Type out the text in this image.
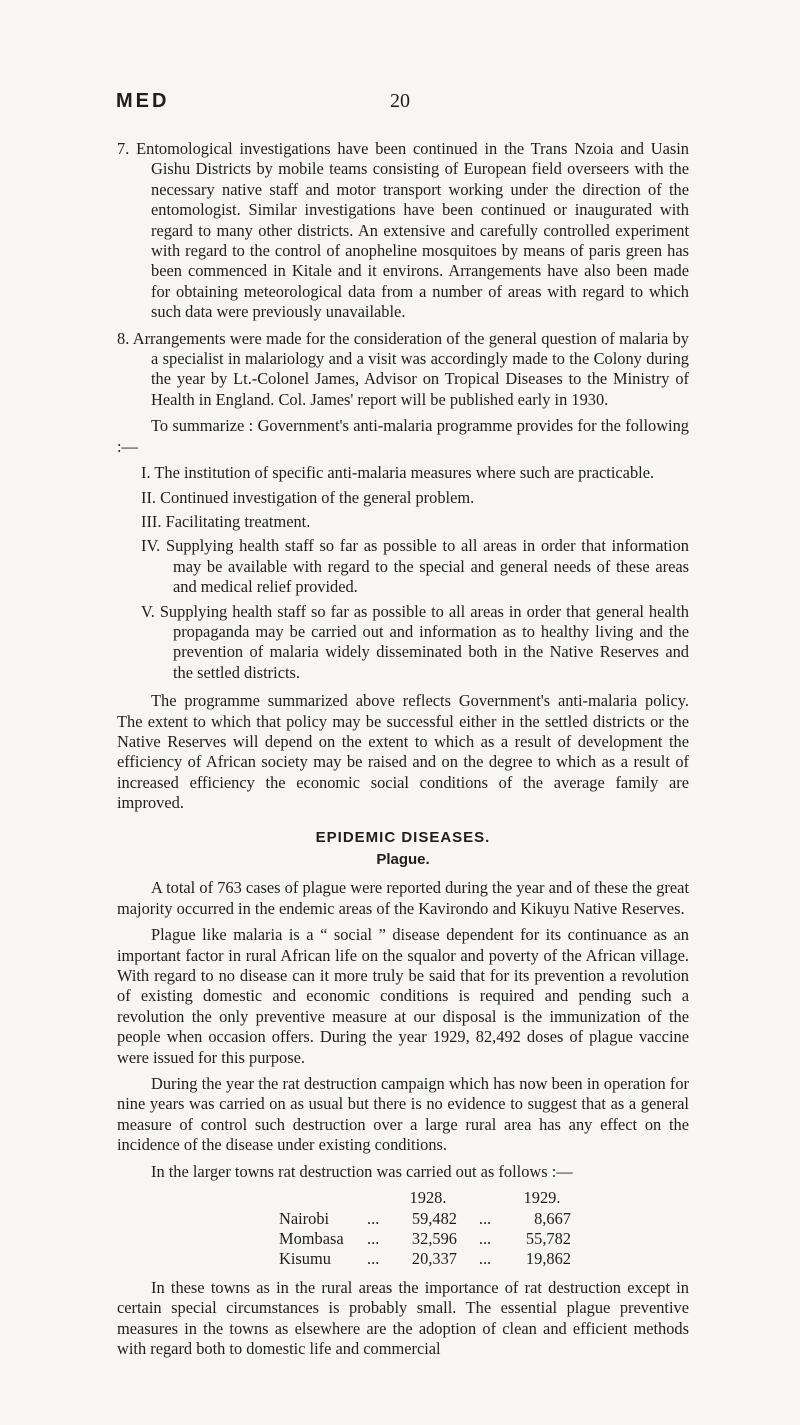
MED	20

7. Entomological investigations have been continued in the Trans Nzoia and Uasin Gishu Districts by mobile teams consisting of European field overseers with the necessary native staff and motor transport working under the direction of the entomologist. Similar investigations have been continued or inaugurated with regard to many other districts. An extensive and carefully controlled experiment with regard to the control of anopheline mosquitoes by means of paris green has been commenced in Kitale and it environs. Arrangements have also been made for obtaining meteorological data from a number of areas with regard to which such data were previously unavailable.

8. Arrangements were made for the consideration of the general question of malaria by a specialist in malariology and a visit was accordingly made to the Colony during the year by Lt.-Colonel James, Advisor on Tropical Diseases to the Ministry of Health in England. Col. James' report will be published early in 1930.

To summarize : Government's anti-malaria programme provides for the following :—

I. The institution of specific anti-malaria measures where such are practicable.

II. Continued investigation of the general problem.

III. Facilitating treatment.

IV. Supplying health staff so far as possible to all areas in order that information may be available with regard to the special and general needs of these areas and medical relief provided.

V. Supplying health staff so far as possible to all areas in order that general health propaganda may be carried out and information as to healthy living and the prevention of malaria widely disseminated both in the Native Reserves and the settled districts.

The programme summarized above reflects Government's anti-malaria policy. The extent to which that policy may be successful either in the settled districts or the Native Reserves will depend on the extent to which as a result of development the efficiency of African society may be raised and on the degree to which as a result of increased efficiency the economic social conditions of the average family are improved.

EPIDEMIC DISEASES.
Plague.

A total of 763 cases of plague were reported during the year and of these the great majority occurred in the endemic areas of the Kavirondo and Kikuyu Native Reserves.

Plague like malaria is a “ social ” disease dependent for its continuance as an important factor in rural African life on the squalor and poverty of the African village. With regard to no disease can it more truly be said that for its prevention a revolution of existing domestic and economic conditions is required and pending such a revolution the only preventive measure at our disposal is the immunization of the people when occasion offers. During the year 1929, 82,492 doses of plague vaccine were issued for this purpose.

During the year the rat destruction campaign which has now been in operation for nine years was carried on as usual but there is no evidence to suggest that as a general measure of control such destruction over a large rural area has any effect on the incidence of the disease under existing conditions.

In the larger towns rat destruction was carried out as follows :—

		1928.		1929.
Nairobi	...	59,482	...	8,667
Mombasa	...	32,596	...	55,782
Kisumu	...	20,337	...	19,862

In these towns as in the rural areas the importance of rat destruction except in certain special circumstances is probably small. The essential plague preventive measures in the towns as elsewhere are the adoption of clean and efficient methods with regard both to domestic life and commercial
